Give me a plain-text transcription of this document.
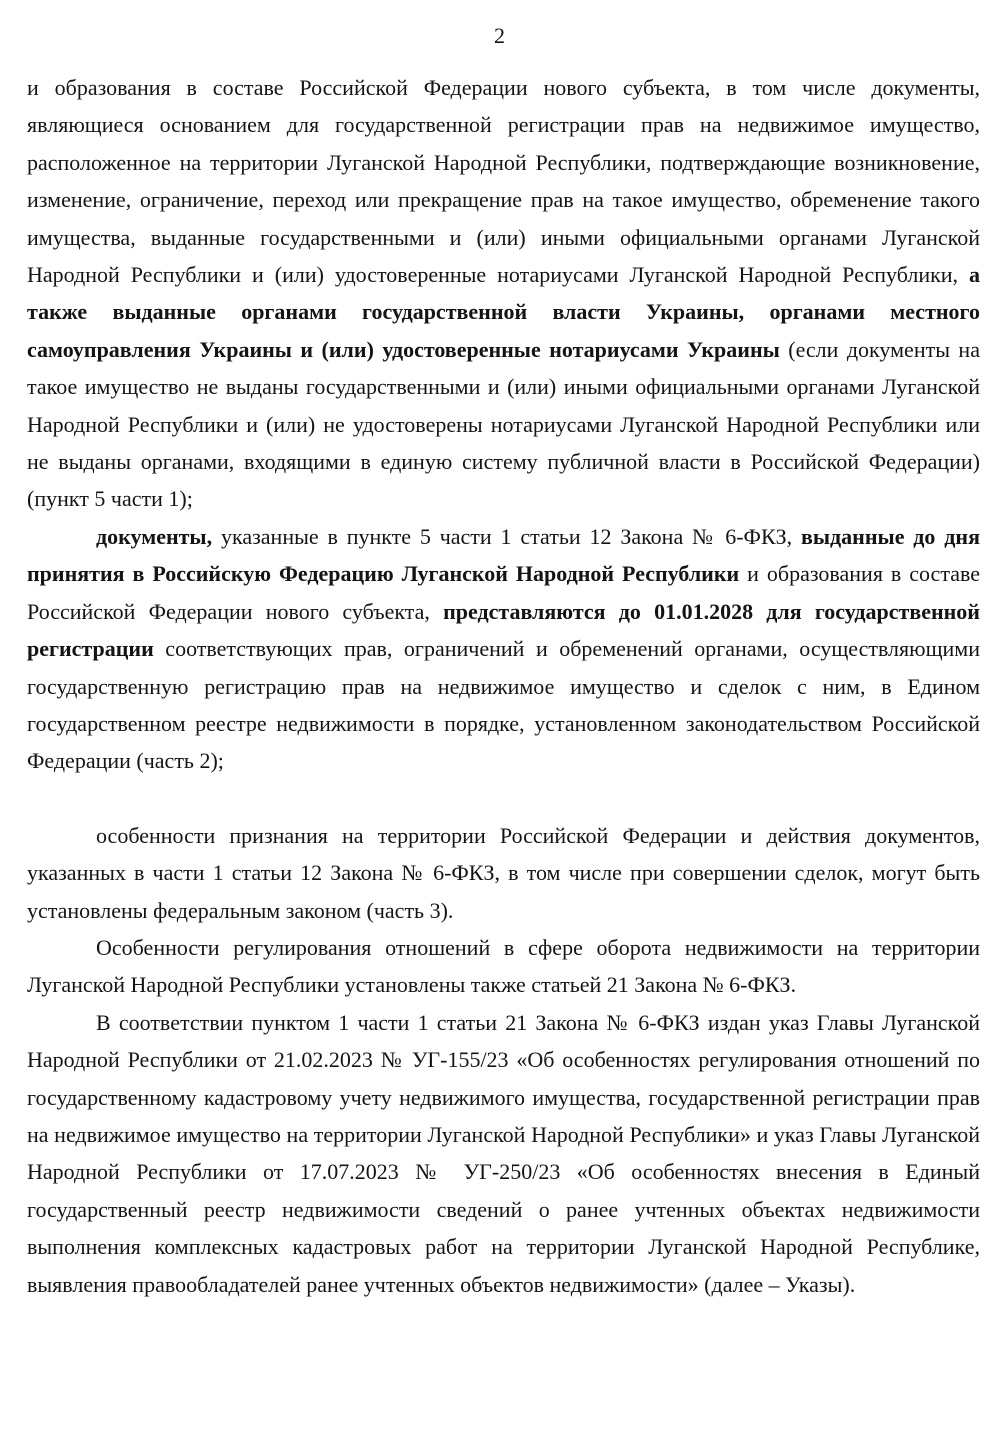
2

и образования в составе Российской Федерации нового субъекта, в том числе документы, являющиеся основанием для государственной регистрации прав на недвижимое имущество, расположенное на территории Луганской Народной Республики, подтверждающие возникновение, изменение, ограничение, переход или прекращение прав на такое имущество, обременение такого имущества, выданные государственными и (или) иными официальными органами Луганской Народной Республики и (или) удостоверенные нотариусами Луганской Народной Республики, а также выданные органами государственной власти Украины, органами местного самоуправления Украины и (или) удостоверенные нотариусами Украины (если документы на такое имущество не выданы государственными и (или) иными официальными органами Луганской Народной Республики и (или) не удостоверены нотариусами Луганской Народной Республики или не выданы органами, входящими в единую систему публичной власти в Российской Федерации) (пункт 5 части 1);

документы, указанные в пункте 5 части 1 статьи 12 Закона № 6-ФКЗ, выданные до дня принятия в Российскую Федерацию Луганской Народной Республики и образования в составе Российской Федерации нового субъекта, представляются до 01.01.2028 для государственной регистрации соответствующих прав, ограничений и обременений органами, осуществляющими государственную регистрацию прав на недвижимое имущество и сделок с ним, в Едином государственном реестре недвижимости в порядке, установленном законодательством Российской Федерации (часть 2);

особенности признания на территории Российской Федерации и действия документов, указанных в части 1 статьи 12 Закона № 6-ФКЗ, в том числе при совершении сделок, могут быть установлены федеральным законом (часть 3).

Особенности регулирования отношений в сфере оборота недвижимости на территории Луганской Народной Республики установлены также статьей 21 Закона № 6-ФКЗ.

В соответствии пунктом 1 части 1 статьи 21 Закона № 6-ФКЗ издан указ Главы Луганской Народной Республики от 21.02.2023 № УГ-155/23 «Об особенностях регулирования отношений по государственному кадастровому учету недвижимого имущества, государственной регистрации прав на недвижимое имущество на территории Луганской Народной Республики» и указ Главы Луганской Народной Республики от 17.07.2023 № УГ-250/23 «Об особенностях внесения в Единый государственный реестр недвижимости сведений о ранее учтенных объектах недвижимости выполнения комплексных кадастровых работ на территории Луганской Народной Республике, выявления правообладателей ранее учтенных объектов недвижимости» (далее – Указы).
